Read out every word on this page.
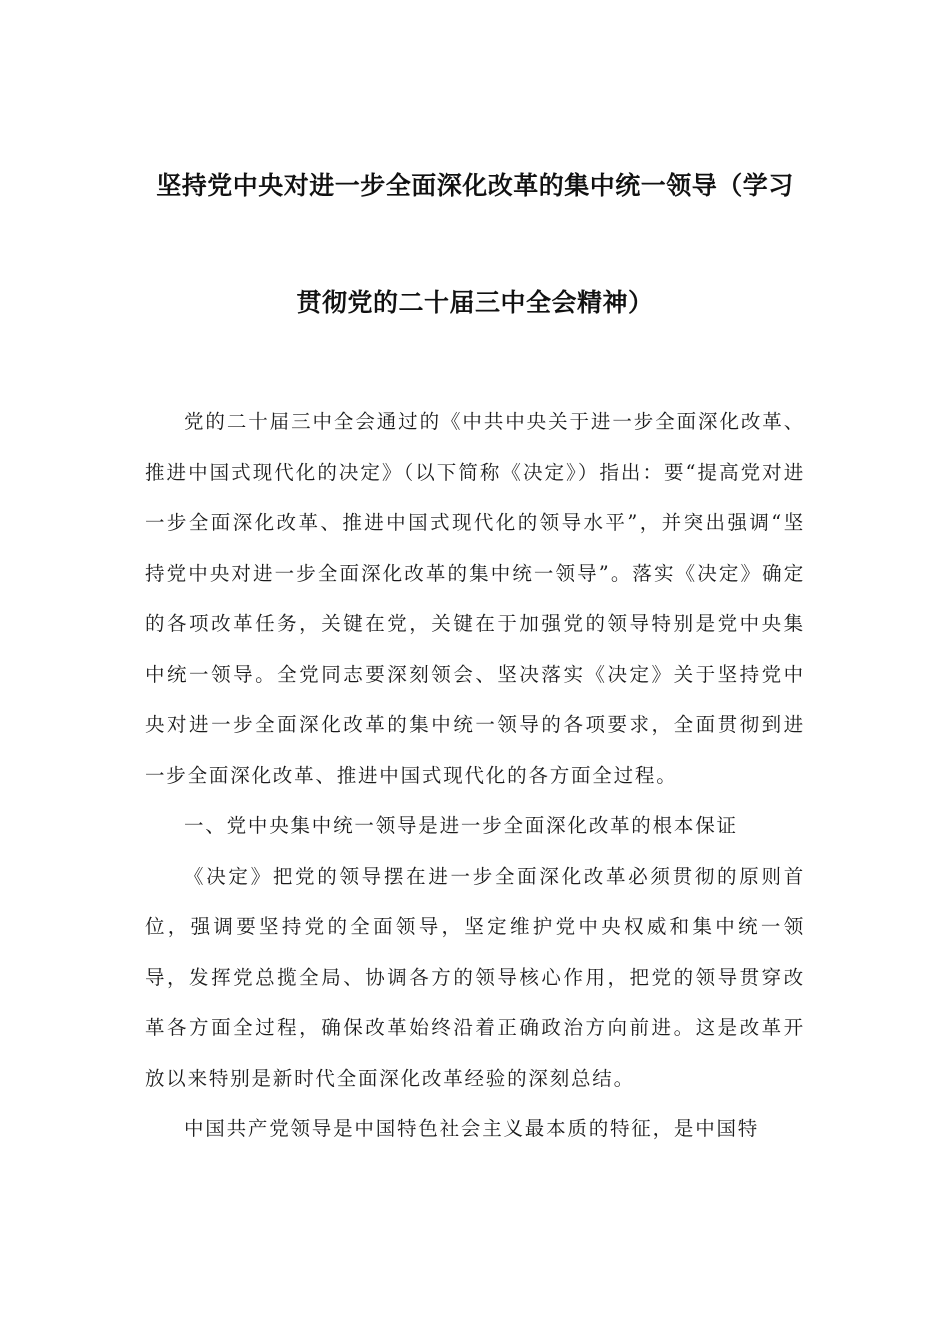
坚持党中央对进一步全面深化改革的集中统一领导（学习
贯彻党的二十届三中全会精神）

党的二十届三中全会通过的《中共中央关于进一步全面深化改革、推进中国式现代化的决定》（以下简称《决定》）指出：要“提高党对进一步全面深化改革、推进中国式现代化的领导水平”，并突出强调“坚持党中央对进一步全面深化改革的集中统一领导”。落实《决定》确定的各项改革任务，关键在党，关键在于加强党的领导特别是党中央集中统一领导。全党同志要深刻领会、坚决落实《决定》关于坚持党中央对进一步全面深化改革的集中统一领导的各项要求，全面贯彻到进一步全面深化改革、推进中国式现代化的各方面全过程。

一、党中央集中统一领导是进一步全面深化改革的根本保证

《决定》把党的领导摆在进一步全面深化改革必须贯彻的原则首位，强调要坚持党的全面领导，坚定维护党中央权威和集中统一领导，发挥党总揽全局、协调各方的领导核心作用，把党的领导贯穿改革各方面全过程，确保改革始终沿着正确政治方向前进。这是改革开放以来特别是新时代全面深化改革经验的深刻总结。

中国共产党领导是中国特色社会主义最本质的特征，是中国特
